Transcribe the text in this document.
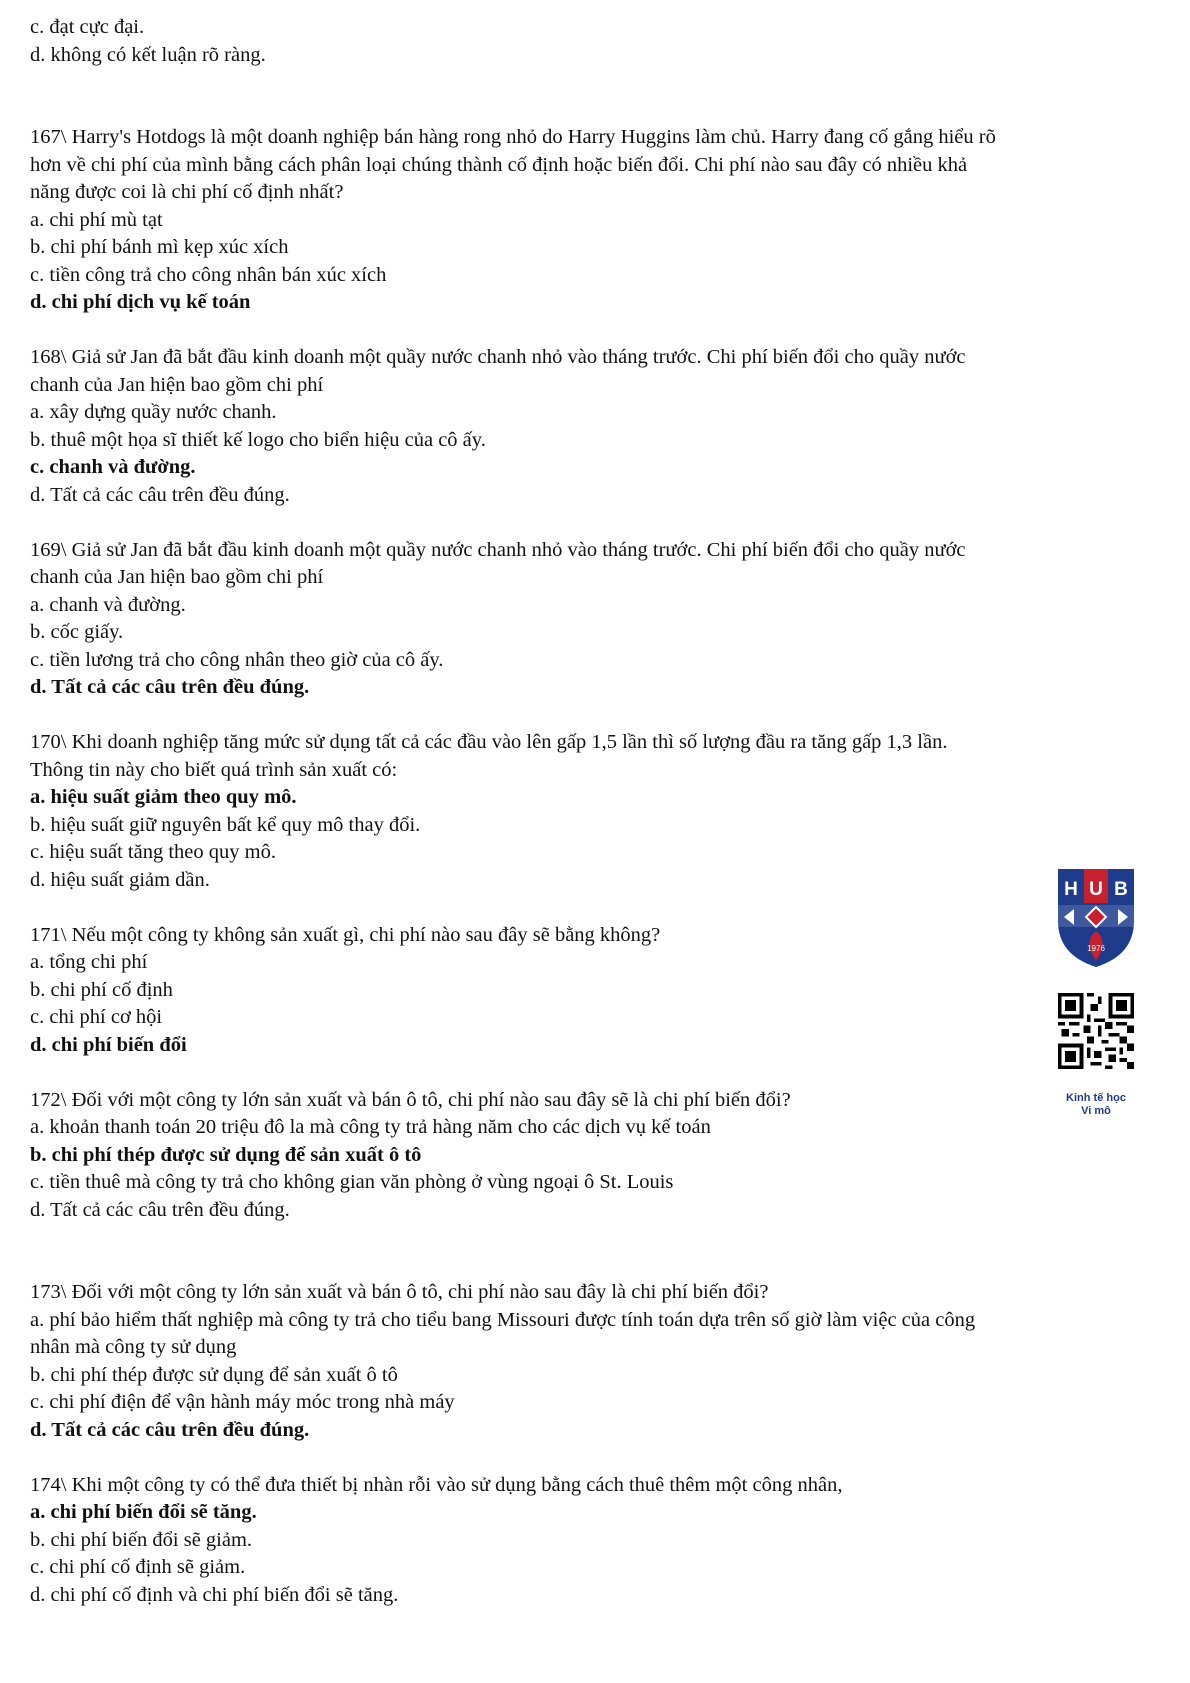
c. đạt cực đại.
d. không có kết luận rõ ràng.
167\ Harry's Hotdogs là một doanh nghiệp bán hàng rong nhỏ do Harry Huggins làm chủ. Harry đang cố gắng hiểu rõ
hơn về chi phí của mình bằng cách phân loại chúng thành cố định hoặc biến đổi. Chi phí nào sau đây có nhiều khả
năng được coi là chi phí cố định nhất?
a. chi phí mù tạt
b. chi phí bánh mì kẹp xúc xích
c. tiền công trả cho công nhân bán xúc xích
d. chi phí dịch vụ kế toán
168\ Giả sử Jan đã bắt đầu kinh doanh một quầy nước chanh nhỏ vào tháng trước. Chi phí biến đổi cho quầy nước
chanh của Jan hiện bao gồm chi phí
a. xây dựng quầy nước chanh.
b. thuê một họa sĩ thiết kế logo cho biển hiệu của cô ấy.
c. chanh và đường.
d. Tất cả các câu trên đều đúng.
169\ Giả sử Jan đã bắt đầu kinh doanh một quầy nước chanh nhỏ vào tháng trước. Chi phí biến đổi cho quầy nước
chanh của Jan hiện bao gồm chi phí
a. chanh và đường.
b. cốc giấy.
c. tiền lương trả cho công nhân theo giờ của cô ấy.
d. Tất cả các câu trên đều đúng.
170\ Khi doanh nghiệp tăng mức sử dụng tất cả các đầu vào lên gấp 1,5 lần thì số lượng đầu ra tăng gấp 1,3 lần.
Thông tin này cho biết quá trình sản xuất có:
a. hiệu suất giảm theo quy mô.
b. hiệu suất giữ nguyên bất kể quy mô thay đổi.
c. hiệu suất tăng theo quy mô.
d. hiệu suất giảm dần.
171\ Nếu một công ty không sản xuất gì, chi phí nào sau đây sẽ bằng không?
a. tổng chi phí
b. chi phí cố định
c. chi phí cơ hội
d. chi phí biến đổi
172\ Đối với một công ty lớn sản xuất và bán ô tô, chi phí nào sau đây sẽ là chi phí biến đổi?
a. khoản thanh toán 20 triệu đô la mà công ty trả hàng năm cho các dịch vụ kế toán
b. chi phí thép được sử dụng để sản xuất ô tô
c. tiền thuê mà công ty trả cho không gian văn phòng ở vùng ngoại ô St. Louis
d. Tất cả các câu trên đều đúng.
173\ Đối với một công ty lớn sản xuất và bán ô tô, chi phí nào sau đây là chi phí biến đổi?
a. phí bảo hiểm thất nghiệp mà công ty trả cho tiểu bang Missouri được tính toán dựa trên số giờ làm việc của công
nhân mà công ty sử dụng
b. chi phí thép được sử dụng để sản xuất ô tô
c. chi phí điện để vận hành máy móc trong nhà máy
d. Tất cả các câu trên đều đúng.
174\ Khi một công ty có thể đưa thiết bị nhàn rỗi vào sử dụng bằng cách thuê thêm một công nhân,
a. chi phí biến đổi sẽ tăng.
b. chi phí biến đổi sẽ giảm.
c. chi phí cố định sẽ giảm.
d. chi phí cố định và chi phí biến đổi sẽ tăng.
H U B
1976
Kinh tế học
Vi mô
